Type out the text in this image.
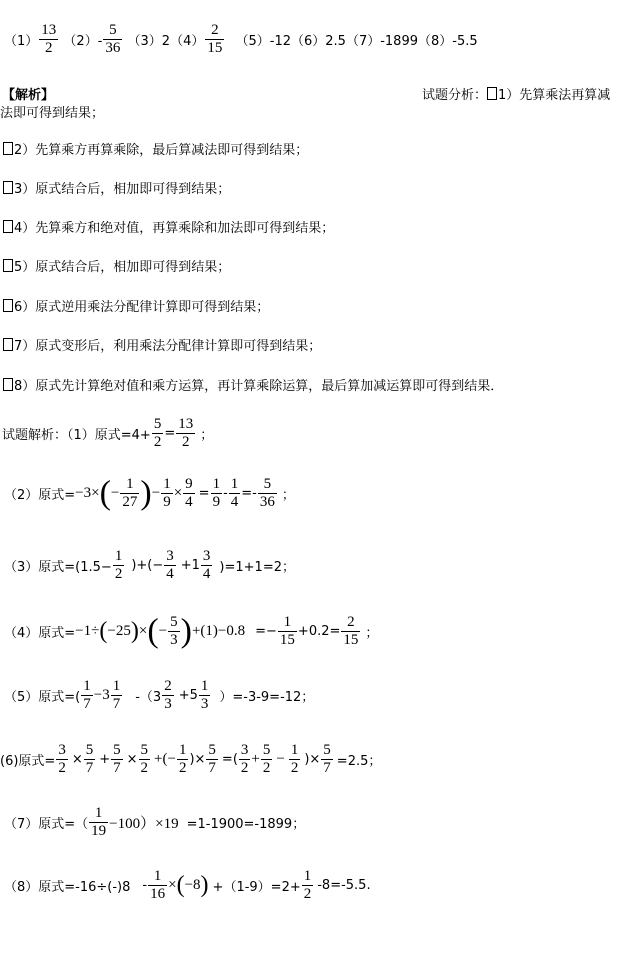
$(1) \frac{13}{2} (2)- \frac{5}{36} (3)2(4) \frac{2}{15} (5)-12(6)2.5(7)-1899(8)-5.5$
【解析】	试题分析： 1）先算乘法再算减
法即可得到结果；
2）先算乘方再算乘除，最后算减法即可得到结果；
3）原式结合后，相加即可得到结果；
4）先算乘方和绝对值，再算乘除和加法即可得到结果；
5）原式结合后，相加即可得到结果；
6）原式逆用乘法分配律计算即可得到结果；
7）原式变形后，利用乘法分配律计算即可得到结果；
8）原式先计算绝对值和乘方运算，再计算乘除运算，最后算加减运算即可得到结果．
试题解析：（1）原式$=4+ \frac{5}{2} = \frac{13}{2}$ ；
（2）原式$=-3\times(- \frac{1}{27}$ )− $\frac{1}{9} \times \frac{9}{4} = \frac{1}{9} - \frac{1}{4} =- \frac{5}{36}$ ；
（3）原式$=(1.5- \frac{1}{2}$ )+(− $\frac{3}{4} +1 \frac{3}{4} )=1+1=2$；
（4）原式$=-1\div(-25)\times(- \frac{5}{3} )+(1)-0.8 =- \frac{1}{15} +0.2= \frac{2}{15}$ ；
（5）原式=( $\frac{1}{7} -3 \frac{1}{7} -(3 \frac{2}{3} +5 \frac{1}{3} )=-3-9=-12$；
(6)原式= $\frac{3}{2} \times \frac{5}{7} + \frac{5}{7} \times \frac{5}{2}$ +(− $\frac{1}{2}$ )× $\frac{5}{7}$ =( $\frac{3}{2} + \frac{5}{2} - \frac{1}{2}$ )× $\frac{5}{7} =2.5$；
（7）原式=（ $\frac{1}{19} -100)\times 19 =1-1900=-1899$；
（8）原式$=-16\div(-)8 - \frac{1}{16} \times(-8) +(1-9)=2+ \frac{1}{2} -8=-5.5$.
